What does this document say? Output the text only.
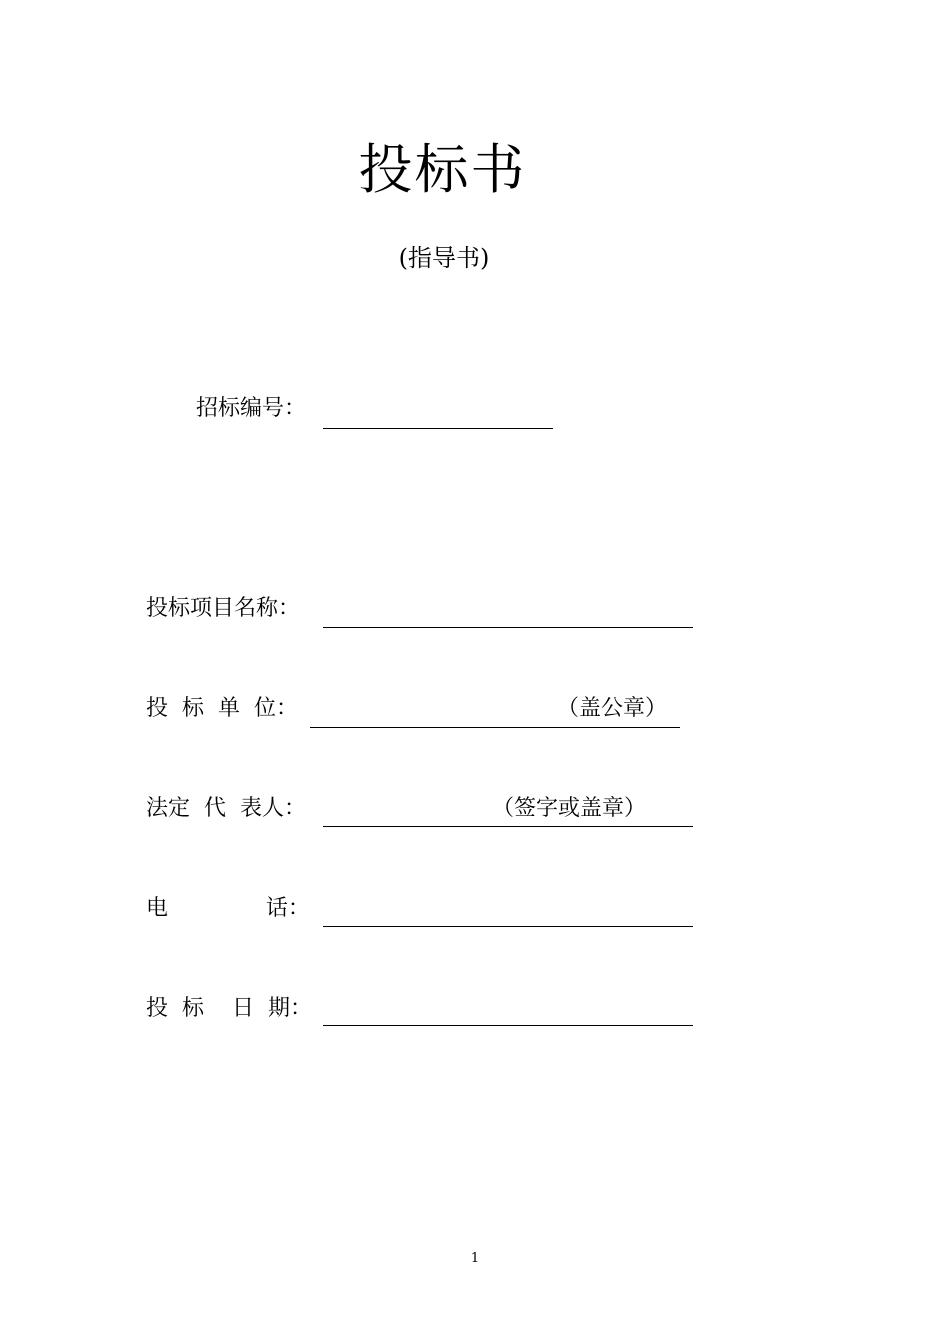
投标书
(指导书)
招标编号：
投标项目名称：
投  标  单  位：	（盖公章）
法定  代  表人：	（签字或盖章）
电              话：
投  标    日  期：
1
